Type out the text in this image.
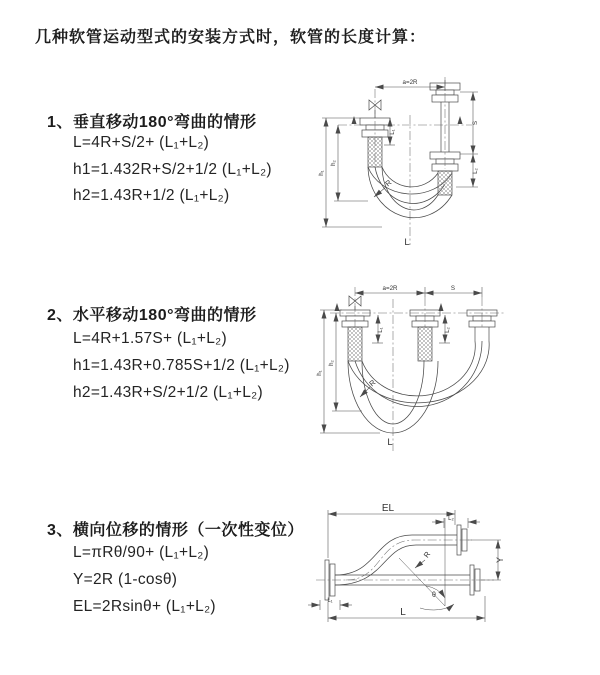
几种软管运动型式的安装方式时，软管的长度计算：
1、垂直移动180°弯曲的情形
L=4R+S/2+ (L₁+L₂)
h1=1.432R+S/2+1/2 (L₁+L₂)
h2=1.43R+1/2 (L₁+L₂)
a=2R
h₁
h₂
L₁
S
L₂
R
L
2、水平移动180°弯曲的情形
L=4R+1.57S+ (L₁+L₂)
h1=1.43R+0.785S+1/2 (L₁+L₂)
h2=1.43R+S/2+1/2 (L₁+L₂)
a=2R	S
h₁
h₂
L₁	L₂
R
L
3、横向位移的情形（一次性变位）
L=πRθ/90+ (L₁+L₂)
Y=2R (1-cosθ)
EL=2Rsinθ+ (L₁+L₂)
EL
L₂
Y
L
L₁
R
θ
